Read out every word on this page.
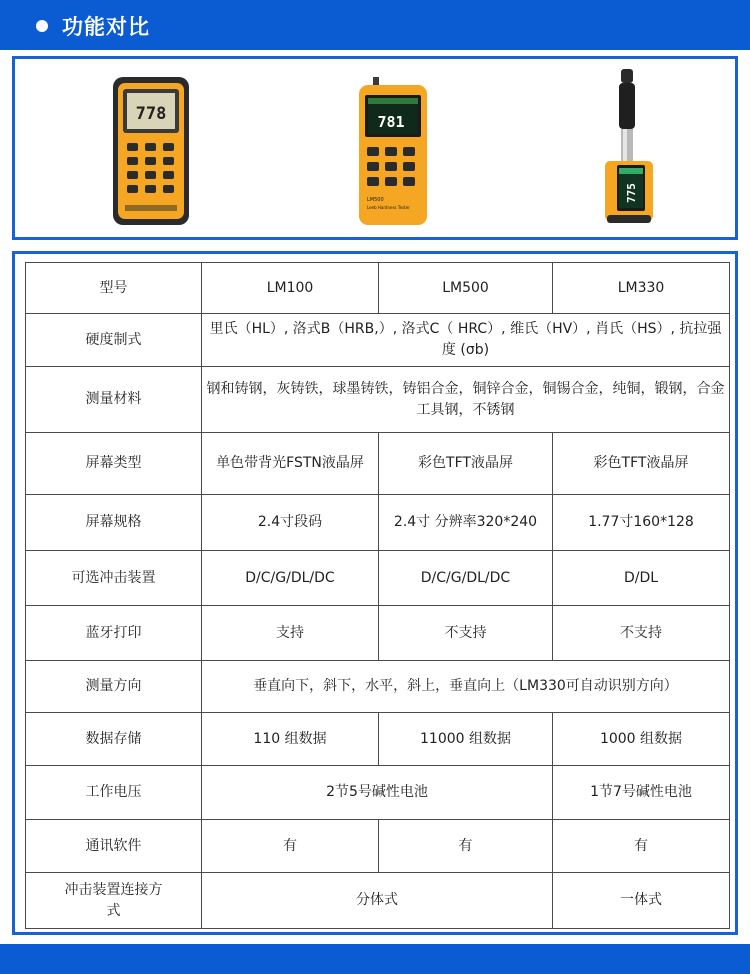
功能对比
778	781
LM500
Leeb Hardness Tester
775
型号	LM100	LM500	LM330
硬度制式	里氏（HL）, 洛式B（HRB,）, 洛式C（ HRC）, 维氏（HV）, 肖氏（HS）, 抗拉强度 (σb)		
测量材料	钢和铸钢，灰铸铁，球墨铸铁，铸铝合金，铜锌合金，铜锡合金，纯铜，锻钢，合金工具钢，不锈钢		
屏幕类型	单色带背光FSTN液晶屏	彩色TFT液晶屏	彩色TFT液晶屏
屏幕规格	2.4寸段码	2.4寸 分辨率320*240	1.77寸160*128
可选冲击装置	D/C/G/DL/DC	D/C/G/DL/DC	D/DL
蓝牙打印	支持	不支持	不支持
测量方向	垂直向下，斜下，水平，斜上，垂直向上（LM330可自动识别方向）		
数据存储	110 组数据	11000 组数据	1000 组数据
工作电压	2节5号碱性电池		1节7号碱性电池
通讯软件	有	有	有
冲击装置连接方式	分体式		一体式
